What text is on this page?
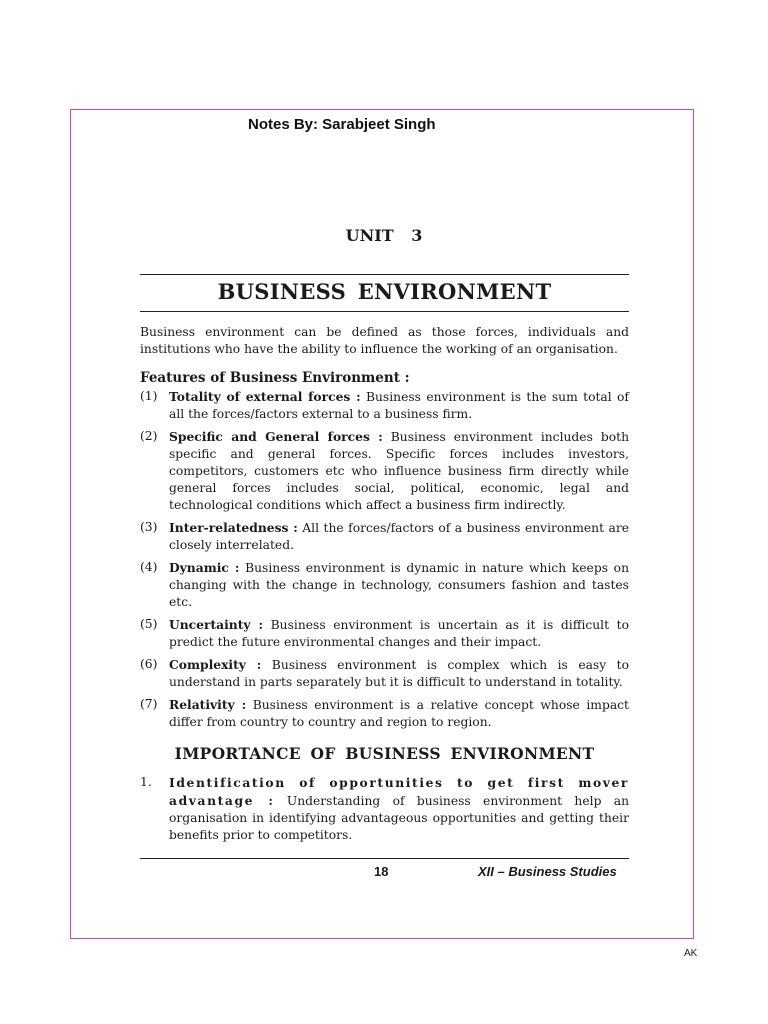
Notes By: Sarabjeet Singh
UNIT 3
BUSINESS ENVIRONMENT

Business environment can be defined as those forces, individuals and institutions who have the ability to influence the working of an organisation.

Features of Business Environment :
(1) Totality of external forces : Business environment is the sum total of all the forces/factors external to a business firm.
(2) Specific and General forces : Business environment includes both specific and general forces. Specific forces includes investors, competitors, customers etc who influence business firm directly while general forces includes social, political, economic, legal and technological conditions which affect a business firm indirectly.
(3) Inter-relatedness : All the forces/factors of a business environment are closely interrelated.
(4) Dynamic : Business environment is dynamic in nature which keeps on changing with the change in technology, consumers fashion and tastes etc.
(5) Uncertainty : Business environment is uncertain as it is difficult to predict the future environmental changes and their impact.
(6) Complexity : Business environment is complex which is easy to understand in parts separately but it is difficult to understand in totality.
(7) Relativity : Business environment is a relative concept whose impact differ from country to country and region to region.
IMPORTANCE OF BUSINESS ENVIRONMENT
1.	Identification of opportunities to get first mover advantage : Understanding of business environment help an organisation in identifying advantageous opportunities and getting their benefits prior to competitors.
18	XII – Business Studies
AK
